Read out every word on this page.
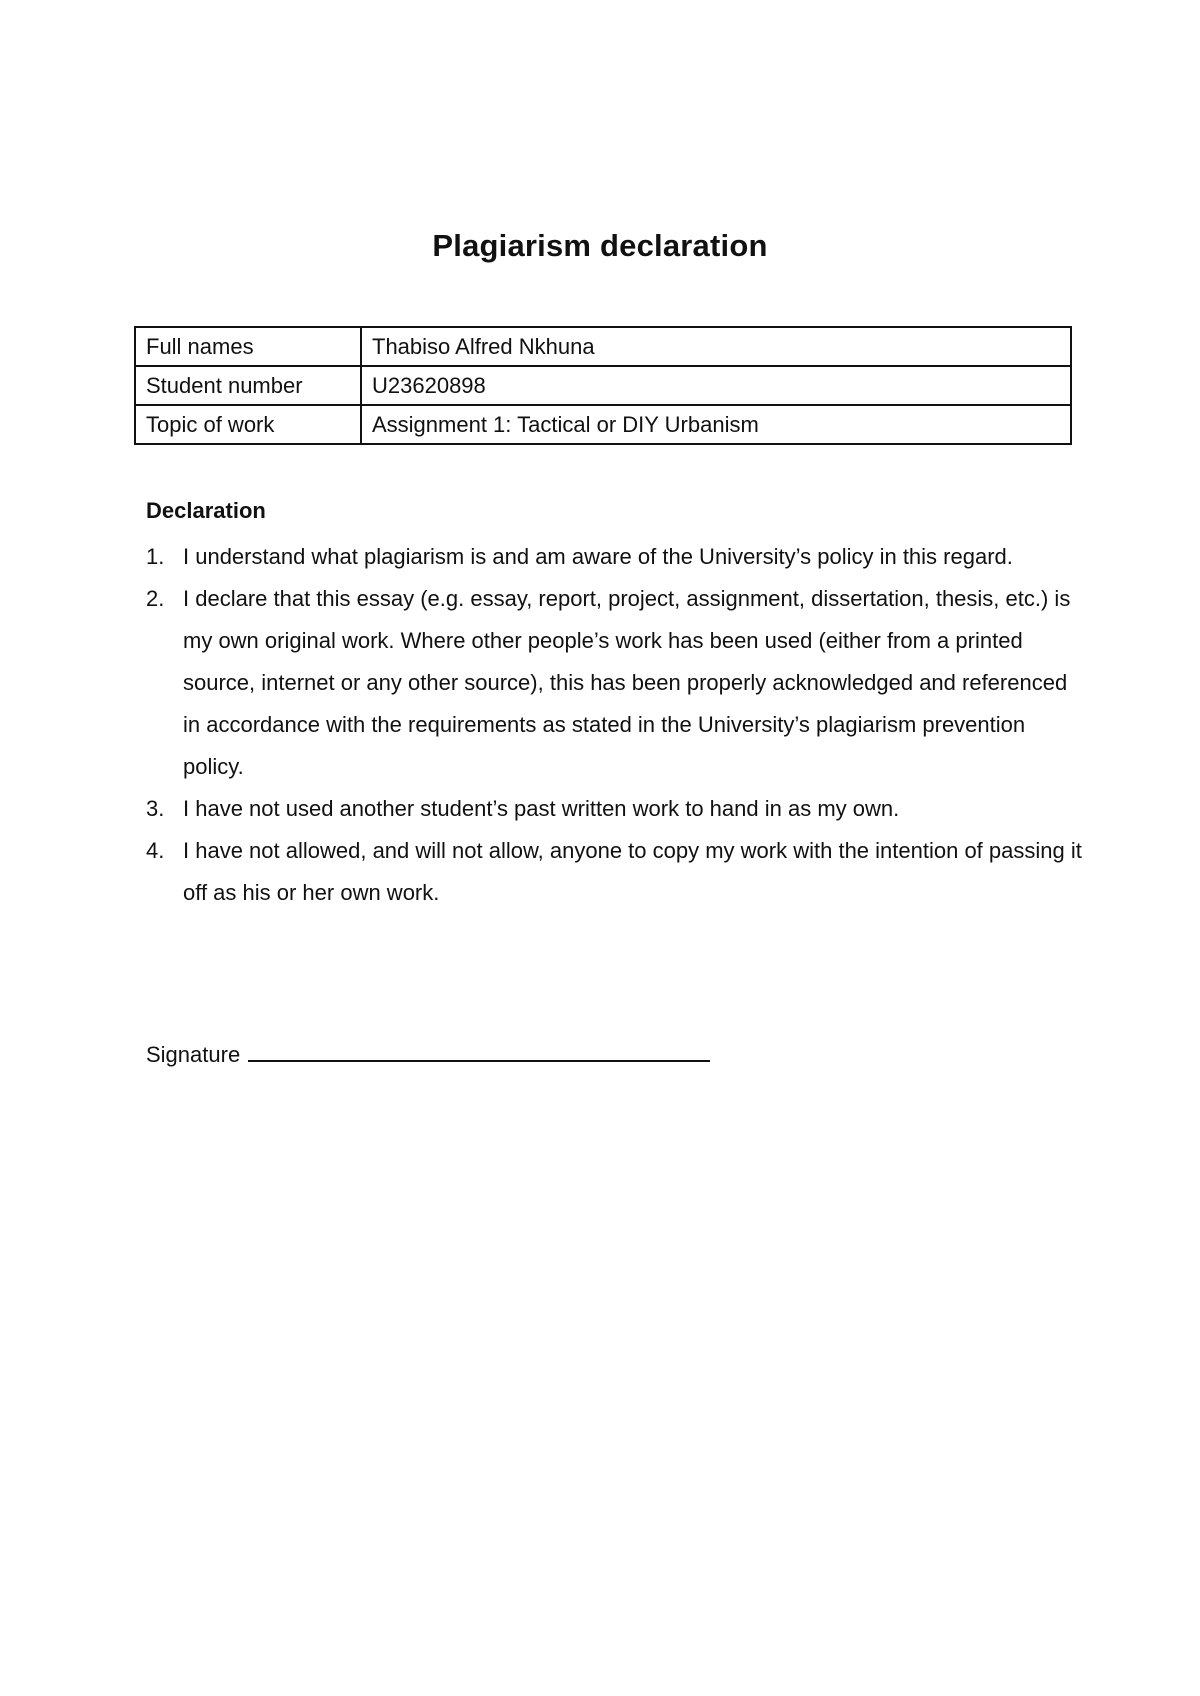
Plagiarism declaration
Full names	Thabiso Alfred Nkhuna
Student number	U23620898
Topic of work	Assignment 1: Tactical or DIY Urbanism
Declaration
1. I understand what plagiarism is and am aware of the University’s policy in this regard.
2. I declare that this essay (e.g. essay, report, project, assignment, dissertation, thesis, etc.) is my own original work. Where other people’s work has been used (either from a printed source, internet or any other source), this has been properly acknowledged and referenced in accordance with the requirements as stated in the University’s plagiarism prevention policy.
3. I have not used another student’s past written work to hand in as my own.
4. I have not allowed, and will not allow, anyone to copy my work with the intention of passing it off as his or her own work.
Signature
